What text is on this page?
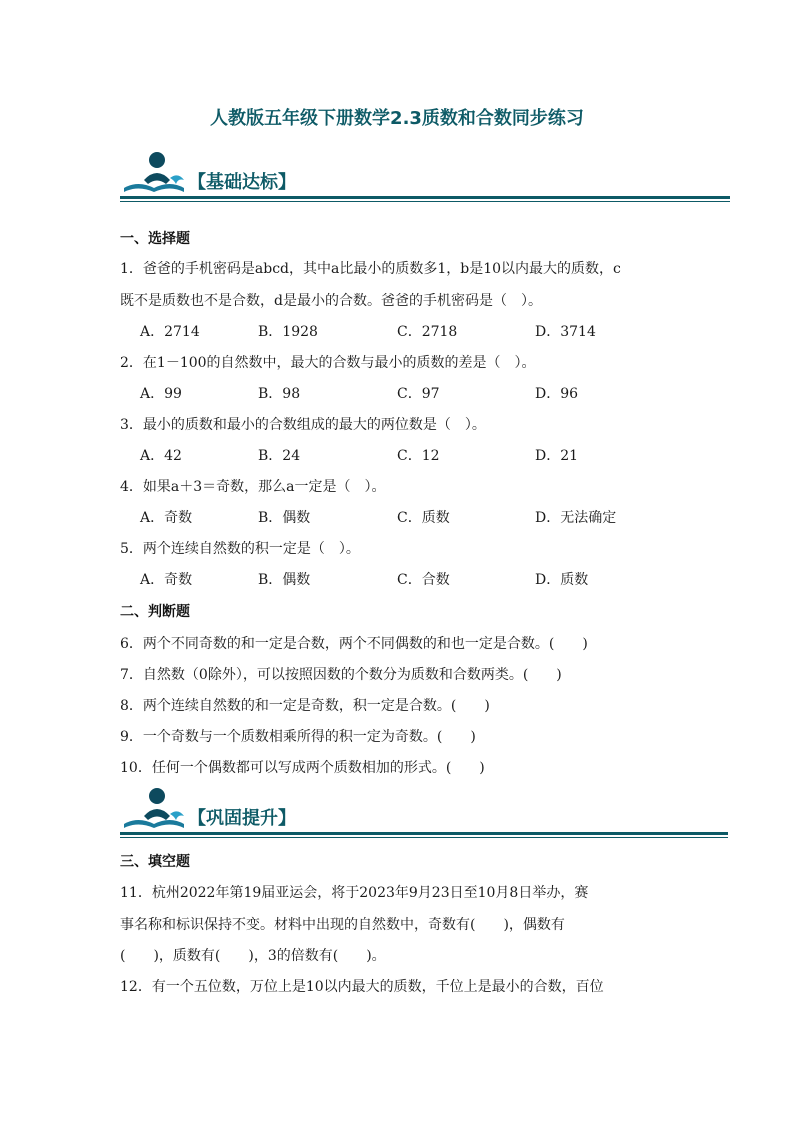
人教版五年级下册数学2.3质数和合数同步练习
【基础达标】
一、选择题
1．爸爸的手机密码是abcd，其中a比最小的质数多1，b是10以内最大的质数，c
既不是质数也不是合数，d是最小的合数。爸爸的手机密码是（　）。
A．2714	B．1928	C．2718	D．3714
2．在1－100的自然数中，最大的合数与最小的质数的差是（　）。
A．99	B．98	C．97	D．96
3．最小的质数和最小的合数组成的最大的两位数是（　）。
A．42	B．24	C．12	D．21
4．如果a＋3＝奇数，那么a一定是（　）。
A．奇数	B．偶数	C．质数	D．无法确定
5．两个连续自然数的积一定是（　）。
A．奇数	B．偶数	C．合数	D．质数
二、判断题
6．两个不同奇数的和一定是合数，两个不同偶数的和也一定是合数。(　　)
7．自然数（0除外），可以按照因数的个数分为质数和合数两类。(　　)
8．两个连续自然数的和一定是奇数，积一定是合数。(　　)
9．一个奇数与一个质数相乘所得的积一定为奇数。(　　)
10．任何一个偶数都可以写成两个质数相加的形式。(　　)
【巩固提升】
三、填空题
11．杭州2022年第19届亚运会，将于2023年9月23日至10月8日举办，赛
事名称和标识保持不变。材料中出现的自然数中，奇数有(　　)，偶数有
(　　)，质数有(　　)，3的倍数有(　　)。
12．有一个五位数，万位上是10以内最大的质数，千位上是最小的合数，百位
